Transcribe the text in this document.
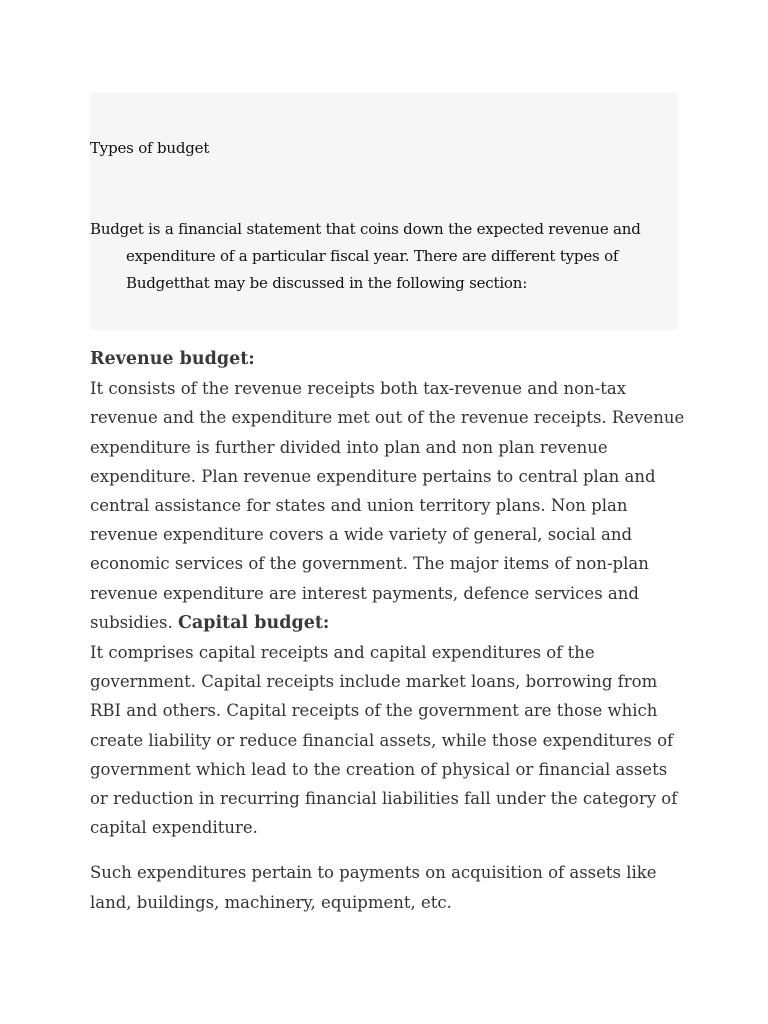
Types of budget

Budget is a financial statement that coins down the expected revenue and expenditure of a particular fiscal year. There are different types of Budgetthat may be discussed in the following section:

Revenue budget:

It consists of the revenue receipts both tax-revenue and non-tax revenue and the expenditure met out of the revenue receipts. Revenue expenditure is further divided into plan and non plan revenue expenditure. Plan revenue expenditure pertains to central plan and central assistance for states and union territory plans. Non plan revenue expenditure covers a wide variety of general, social and economic services of the government. The major items of non-plan revenue expenditure are interest payments, defence services and subsidies. Capital budget:

It comprises capital receipts and capital expenditures of the government. Capital receipts include market loans, borrowing from RBI and others. Capital receipts of the government are those which create liability or reduce financial assets, while those expenditures of government which lead to the creation of physical or financial assets or reduction in recurring financial liabilities fall under the category of capital expenditure.

Such expenditures pertain to payments on acquisition of assets like land, buildings, machinery, equipment, etc.
